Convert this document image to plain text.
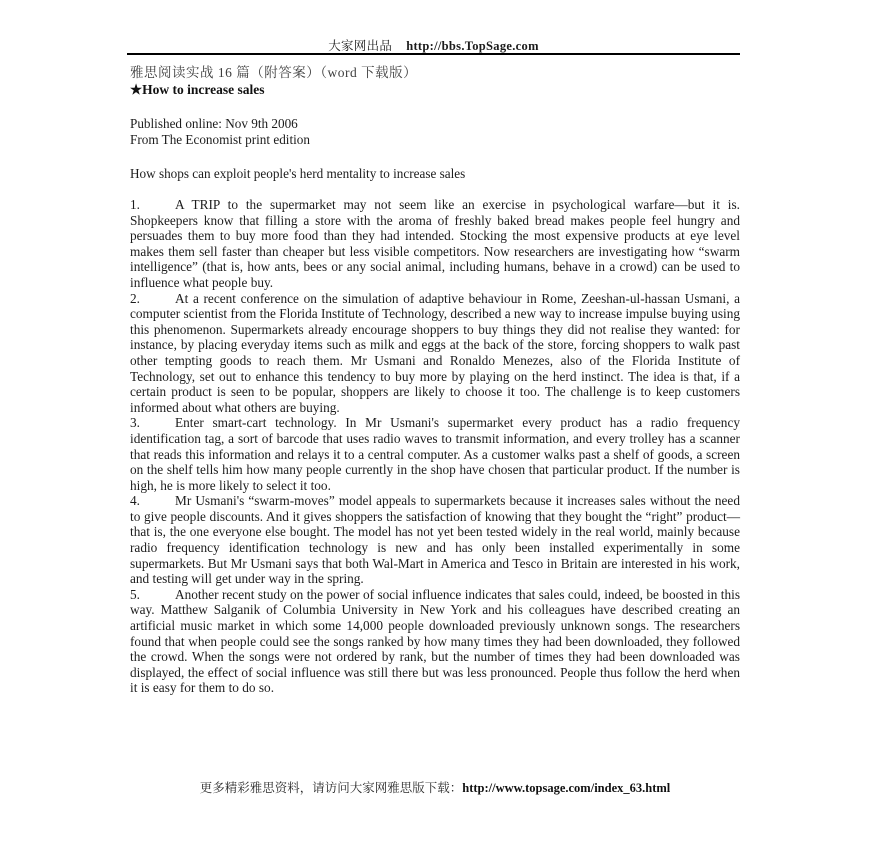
大家网出品 http://bbs.TopSage.com
雅思阅读实战 16 篇（附答案）（word 下载版）
★How to increase sales
Published online: Nov 9th 2006
From The Economist print edition
How shops can exploit people's herd mentality to increase sales

1.	A TRIP to the supermarket may not seem like an exercise in psychological warfare—but it is. Shopkeepers know that filling a store with the aroma of freshly baked bread makes people feel hungry and persuades them to buy more food than they had intended. Stocking the most expensive products at eye level makes them sell faster than cheaper but less visible competitors. Now researchers are investigating how “swarm intelligence” (that is, how ants, bees or any social animal, including humans, behave in a crowd) can be used to influence what people buy.

2.	At a recent conference on the simulation of adaptive behaviour in Rome, Zeeshan-ul-hassan Usmani, a computer scientist from the Florida Institute of Technology, described a new way to increase impulse buying using this phenomenon. Supermarkets already encourage shoppers to buy things they did not realise they wanted: for instance, by placing everyday items such as milk and eggs at the back of the store, forcing shoppers to walk past other tempting goods to reach them. Mr Usmani and Ronaldo Menezes, also of the Florida Institute of Technology, set out to enhance this tendency to buy more by playing on the herd instinct. The idea is that, if a certain product is seen to be popular, shoppers are likely to choose it too. The challenge is to keep customers informed about what others are buying.

3.	Enter smart-cart technology. In Mr Usmani's supermarket every product has a radio frequency identification tag, a sort of barcode that uses radio waves to transmit information, and every trolley has a scanner that reads this information and relays it to a central computer. As a customer walks past a shelf of goods, a screen on the shelf tells him how many people currently in the shop have chosen that particular product. If the number is high, he is more likely to select it too.

4.	Mr Usmani's “swarm-moves” model appeals to supermarkets because it increases sales without the need to give people discounts. And it gives shoppers the satisfaction of knowing that they bought the “right” product—that is, the one everyone else bought. The model has not yet been tested widely in the real world, mainly because radio frequency identification technology is new and has only been installed experimentally in some supermarkets. But Mr Usmani says that both Wal-Mart in America and Tesco in Britain are interested in his work, and testing will get under way in the spring.

5.	Another recent study on the power of social influence indicates that sales could, indeed, be boosted in this way. Matthew Salganik of Columbia University in New York and his colleagues have described creating an artificial music market in which some 14,000 people downloaded previously unknown songs. The researchers found that when people could see the songs ranked by how many times they had been downloaded, they followed the crowd. When the songs were not ordered by rank, but the number of times they had been downloaded was displayed, the effect of social influence was still there but was less pronounced. People thus follow the herd when it is easy for them to do so.

更多精彩雅思资料，请访问大家网雅思版下载：http://www.topsage.com/index_63.html
